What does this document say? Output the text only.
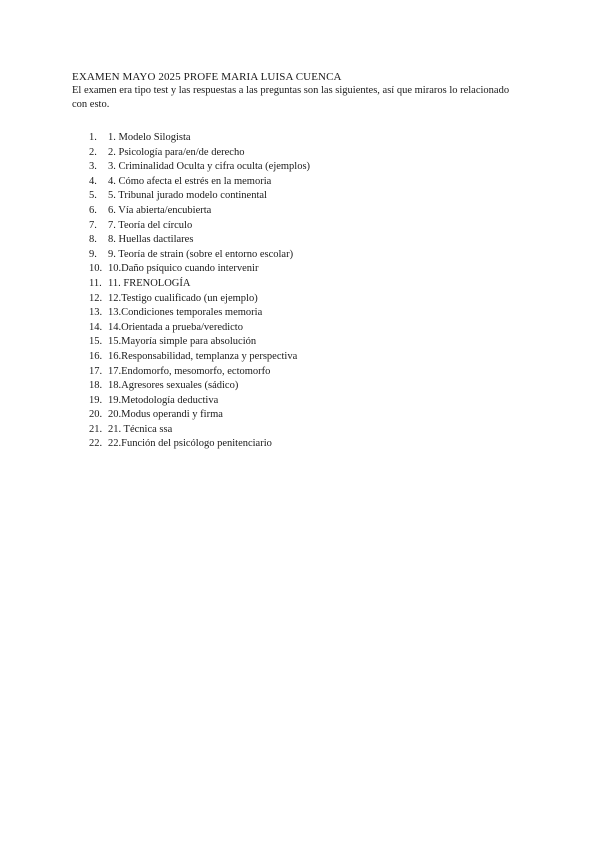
EXAMEN MAYO 2025 PROFE MARIA LUISA CUENCA

El examen era tipo test y las respuestas a las preguntas son las siguientes, así que miraros lo relacionado con esto.

1.	1. Modelo Silogista
2.	2. Psicología para/en/de derecho
3.	3. Criminalidad Oculta y cifra oculta (ejemplos)
4.	4. Cómo afecta el estrés en la memoria
5.	5. Tribunal jurado modelo continental
6.	6. Vía abierta/encubierta
7.	7. Teoría del círculo
8.	8. Huellas dactilares
9.	9. Teoría de strain (sobre el entorno escolar)
10. 10.Daño psíquico cuando intervenir
11. 11. FRENOLOGÍA
12. 12.Testigo cualificado (un ejemplo)
13. 13.Condiciones temporales memoria
14. 14.Orientada a prueba/veredicto
15. 15.Mayoría simple para absolución
16. 16.Responsabilidad, templanza y perspectiva
17. 17.Endomorfo, mesomorfo, ectomorfo
18. 18.Agresores sexuales (sádico)
19. 19.Metodología deductiva
20. 20.Modus operandi y firma
21. 21. Técnica ssa
22. 22.Función del psicólogo penitenciario
